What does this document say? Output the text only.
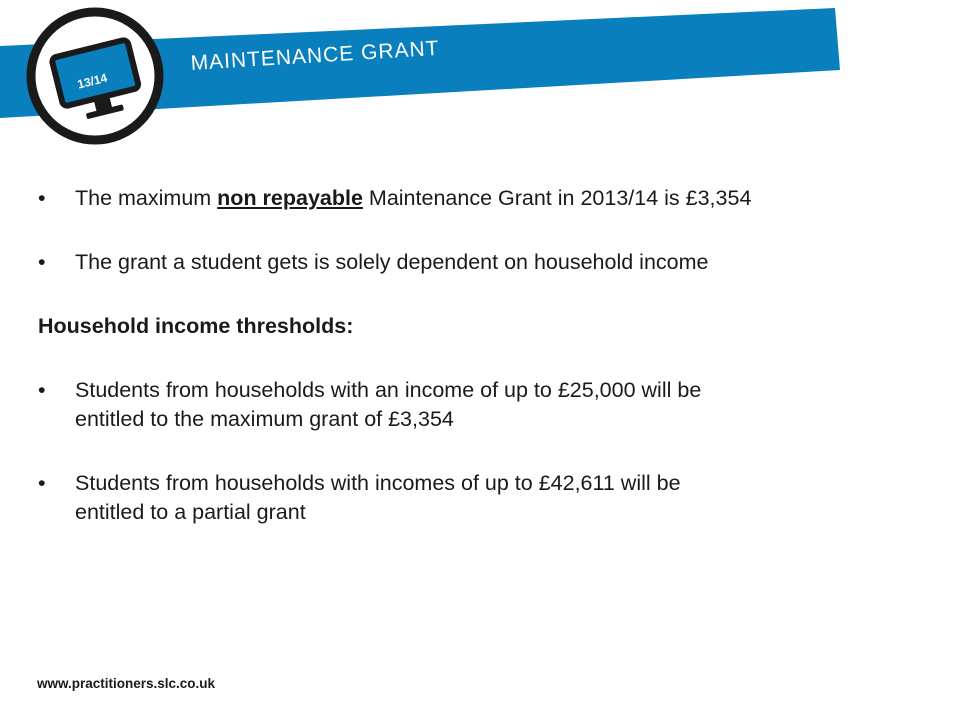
13/14
MAINTENANCE GRANT
• The maximum non repayable Maintenance Grant in 2013/14 is £3,354
• The grant a student gets is solely dependent on household income
Household income thresholds:
• Students from households with an income of up to £25,000 will be
entitled to the maximum grant of £3,354
• Students from households with incomes of up to £42,611 will be
entitled to a partial grant
www.practitioners.slc.co.uk
